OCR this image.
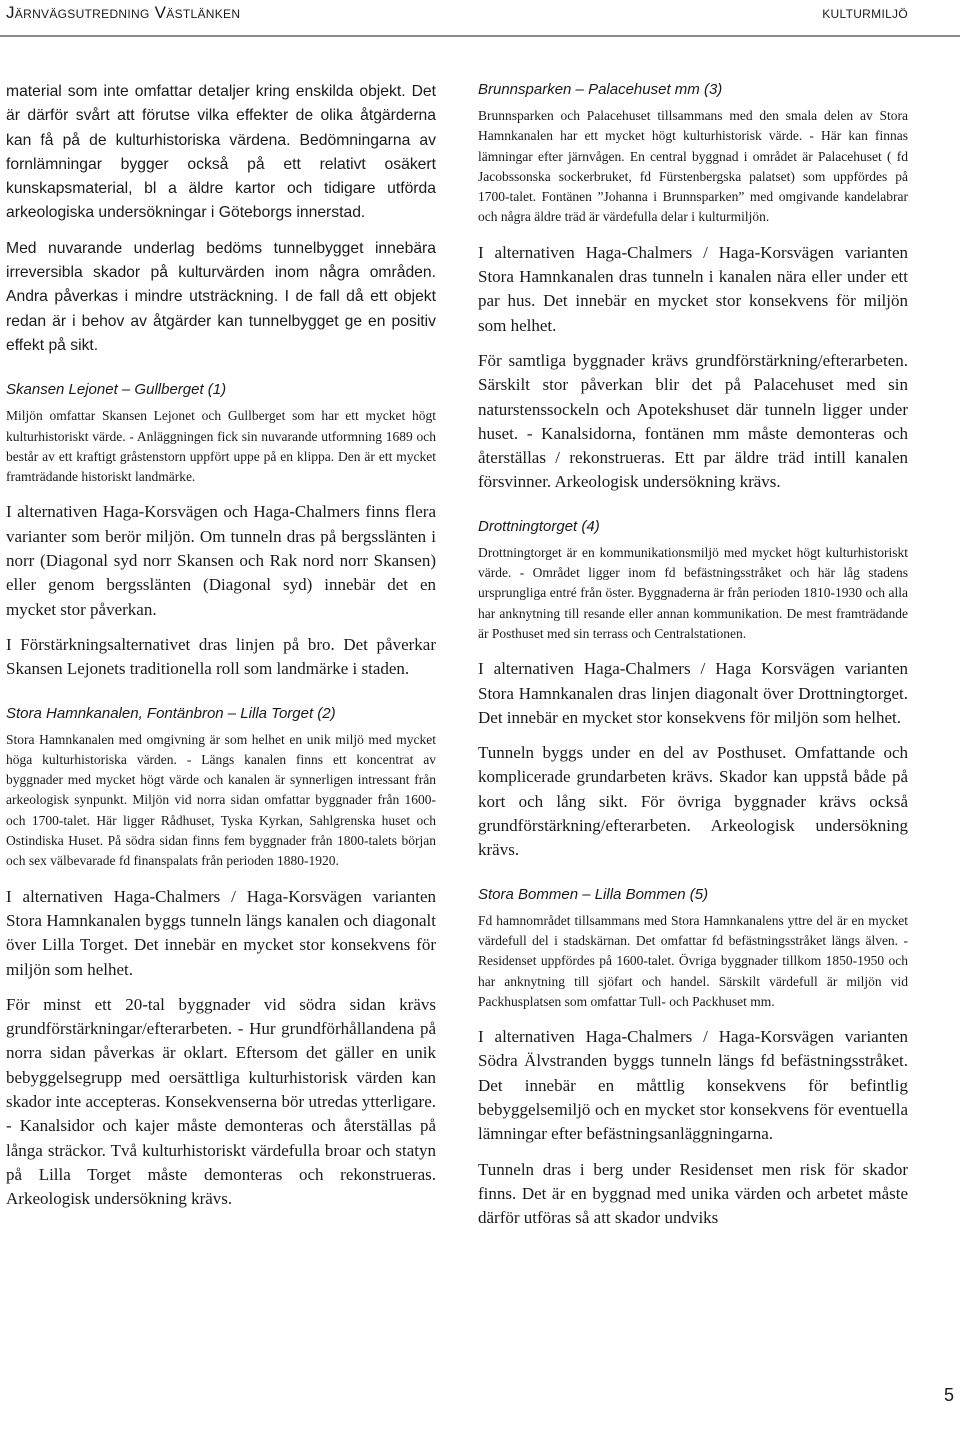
Järnvägsutredning Västlänken	kulturmiljö

material som inte omfattar detaljer kring enskilda objekt. Det är därför svårt att förutse vilka effekter de olika åtgärderna kan få på de kulturhistoriska värdena. Bedömningarna av fornlämningar bygger också på ett relativt osäkert kunskapsmaterial, bl a äldre kartor och tidigare utförda arkeologiska undersökningar i Göteborgs innerstad.

Med nuvarande underlag bedöms tunnelbygget innebära irreversibla skador på kulturvärden inom några områden. Andra påverkas i mindre utsträckning. I de fall då ett objekt redan är i behov av åtgärder kan tunnelbygget ge en positiv effekt på sikt.

Skansen Lejonet – Gullberget (1)

Miljön omfattar Skansen Lejonet och Gullberget som har ett mycket högt kulturhistoriskt värde. - Anläggningen fick sin nuvarande utformning 1689 och består av ett kraftigt gråstenstorn uppfört uppe på en klippa. Den är ett mycket framträdande historiskt landmärke.

I alternativen Haga-Korsvägen och Haga-Chalmers finns flera varianter som berör miljön. Om tunneln dras på bergsslänten i norr (Diagonal syd norr Skansen och Rak nord norr Skansen) eller genom bergsslänten (Diagonal syd) innebär det en mycket stor påverkan.

I Förstärkningsalternativet dras linjen på bro. Det påverkar Skansen Lejonets traditionella roll som landmärke i staden.

Stora Hamnkanalen, Fontänbron – Lilla Torget (2)

Stora Hamnkanalen med omgivning är som helhet en unik miljö med mycket höga kulturhistoriska värden. - Längs kanalen finns ett koncentrat av byggnader med mycket högt värde och kanalen är synnerligen intressant från arkeologisk synpunkt. Miljön vid norra sidan omfattar byggnader från 1600- och 1700-talet. Här ligger Rådhuset, Tyska Kyrkan, Sahlgrenska huset och Ostindiska Huset. På södra sidan finns fem byggnader från 1800-talets början och sex välbevarade fd finanspalats från perioden 1880-1920.

I alternativen Haga-Chalmers / Haga-Korsvägen varianten Stora Hamnkanalen byggs tunneln längs kanalen och diagonalt över Lilla Torget. Det innebär en mycket stor konsekvens för miljön som helhet.

För minst ett 20-tal byggnader vid södra sidan krävs grundförstärkningar/efterarbeten. - Hur grundförhållandena på norra sidan påverkas är oklart. Eftersom det gäller en unik bebyggelsegrupp med oersättliga kulturhistorisk värden kan skador inte accepteras. Konsekvenserna bör utredas ytterligare. - Kanalsidor och kajer måste demonteras och återställas på långa sträckor. Två kulturhistoriskt värdefulla broar och statyn på Lilla Torget måste demonteras och rekonstrueras. Arkeologisk undersökning krävs.

Brunnsparken – Palacehuset mm (3)

Brunnsparken och Palacehuset tillsammans med den smala delen av Stora Hamnkanalen har ett mycket högt kulturhistorisk värde. - Här kan finnas lämningar efter järnvågen. En central byggnad i området är Palacehuset ( fd Jacobssonska sockerbruket, fd Fürstenbergska palatset) som uppfördes på 1700-talet. Fontänen ”Johanna i Brunnsparken” med omgivande kandelabrar och några äldre träd är värdefulla delar i kulturmiljön.

I alternativen Haga-Chalmers / Haga-Korsvägen varianten Stora Hamnkanalen dras tunneln i kanalen nära eller under ett par hus. Det innebär en mycket stor konsekvens för miljön som helhet.

För samtliga byggnader krävs grundförstärkning/efterarbeten. Särskilt stor påverkan blir det på Palacehuset med sin naturstenssockeln och Apotekshuset där tunneln ligger under huset. - Kanalsidorna, fontänen mm måste demonteras och återställas / rekonstrueras. Ett par äldre träd intill kanalen försvinner. Arkeologisk undersökning krävs.

Drottningtorget (4)

Drottningtorget är en kommunikationsmiljö med mycket högt kulturhistoriskt värde. - Området ligger inom fd befästningsstråket och här låg stadens ursprungliga entré från öster. Byggnaderna är från perioden 1810-1930 och alla har anknytning till resande eller annan kommunikation. De mest framträdande är Posthuset med sin terrass och Centralstationen.

I alternativen Haga-Chalmers / Haga Korsvägen varianten Stora Hamnkanalen dras linjen diagonalt över Drottningtorget. Det innebär en mycket stor konsekvens för miljön som helhet.

Tunneln byggs under en del av Posthuset. Omfattande och komplicerade grundarbeten krävs. Skador kan uppstå både på kort och lång sikt. För övriga byggnader krävs också grundförstärkning/efterarbeten. Arkeologisk undersökning krävs.

Stora Bommen – Lilla Bommen (5)

Fd hamnområdet tillsammans med Stora Hamnkanalens yttre del är en mycket värdefull del i stadskärnan. Det omfattar fd befästningsstråket längs älven. - Residenset uppfördes på 1600-talet. Övriga byggnader tillkom 1850-1950 och har anknytning till sjöfart och handel. Särskilt värdefull är miljön vid Packhusplatsen som omfattar Tull- och Packhuset mm.

I alternativen Haga-Chalmers / Haga-Korsvägen varianten Södra Älvstranden byggs tunneln längs fd befästningsstråket. Det innebär en måttlig konsekvens för befintlig bebyggelsemiljö och en mycket stor konsekvens för eventuella lämningar efter befästningsanläggningarna.

Tunneln dras i berg under Residenset men risk för skador finns. Det är en byggnad med unika värden och arbetet måste därför utföras så att skador undviks

5
